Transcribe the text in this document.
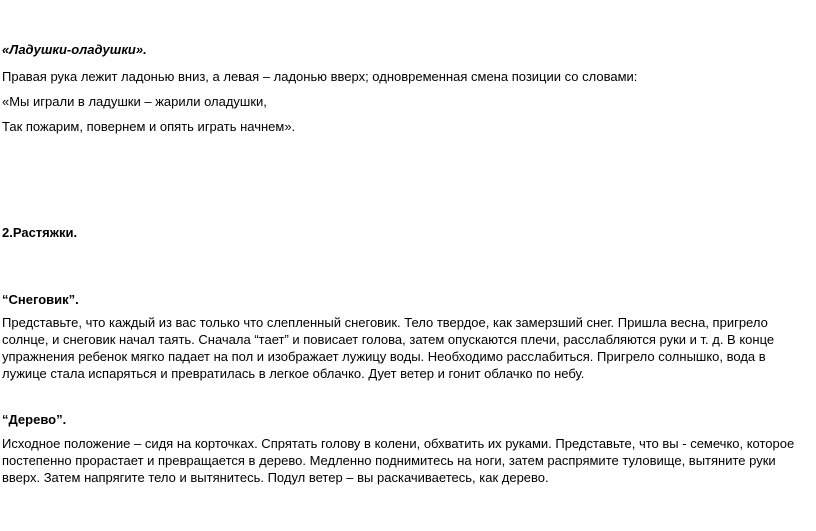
«Ладушки-оладушки».
Правая рука лежит ладонью вниз, а левая – ладонью вверх; одновременная смена позиции со словами:
«Мы играли в ладушки – жарили оладушки,
Так пожарим, повернем и опять играть начнем».
2.Растяжки.
“Снеговик”.
Представьте, что каждый из вас только что слепленный снеговик. Тело твердое, как замерзший снег. Пришла весна, пригрело солнце, и снеговик начал таять. Сначала “тает” и повисает голова, затем опускаются плечи, расслабляются руки и т. д. В конце упражнения ребенок мягко падает на пол и изображает лужицу воды. Необходимо расслабиться. Пригрело солнышко, вода в лужице стала испаряться и превратилась в легкое облачко. Дует ветер и гонит облачко по небу.
“Дерево”.
Исходное положение – сидя на корточках. Спрятать голову в колени, обхватить их руками. Представьте, что вы - семечко, которое постепенно прорастает и превращается в дерево. Медленно поднимитесь на ноги, затем распрямите туловище, вытяните руки вверх. Затем напрягите тело и вытянитесь. Подул ветер – вы раскачиваетесь, как дерево.
